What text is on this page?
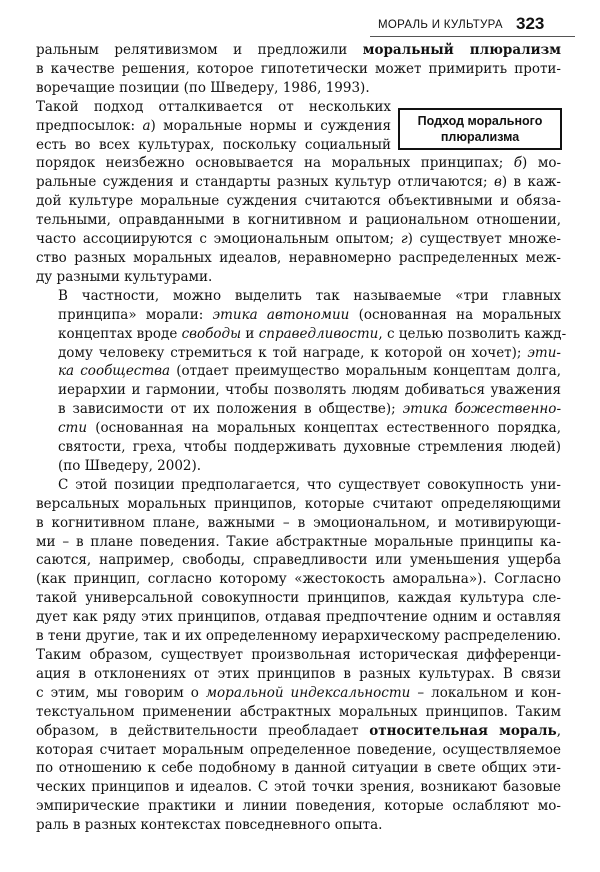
МОРАЛЬ И КУЛЬТУРА 323
Подход морального
плюрализма

ральным релятивизмом и предложили моральный плюрализм
в качестве решения, которое гипотетически может примирить проти-
воречащие позиции (по Шведеру, 1986, 1993).

Такой подход отталкивается от нескольких
предпосылок: а) моральные нормы и суждения
есть во всех культурах, поскольку социальный
порядок неизбежно основывается на моральных принципах; б) мо-
ральные суждения и стандарты разных культур отличаются; в) в каж-
дой культуре моральные суждения считаются объективными и обяза-
тельными, оправданными в когнитивном и рациональном отношении,
часто ассоциируются с эмоциональным опытом; г) существует множе-
ство разных моральных идеалов, неравномерно распределенных меж-
ду разными культурами.

В частности, можно выделить так называемые «три главных
принципа» морали: этика автономии (основанная на моральных
концептах вроде свободы и справедливости, с целью позволить кажд-
дому человеку стремиться к той награде, к которой он хочет); эти-
ка сообщества (отдает преимущество моральным концептам долга,
иерархии и гармонии, чтобы позволять людям добиваться уважения
в зависимости от их положения в обществе); этика божественно-
сти (основанная на моральных концептах естественного порядка,
святости, греха, чтобы поддерживать духовные стремления людей)
(по Шведеру, 2002).

С этой позиции предполагается, что существует совокупность уни-
версальных моральных принципов, которые считают определяющими
в когнитивном плане, важными – в эмоциональном, и мотивирующи-
ми – в плане поведения. Такие абстрактные моральные принципы ка-
саются, например, свободы, справедливости или уменьшения ущерба
(как принцип, согласно которому «жестокость аморальна»). Согласно
такой универсальной совокупности принципов, каждая культура сле-
дует как ряду этих принципов, отдавая предпочтение одним и оставляя
в тени другие, так и их определенному иерархическому распределению.
Таким образом, существует произвольная историческая дифференци-
ация в отклонениях от этих принципов в разных культурах. В связи
с этим, мы говорим о моральной индексальности – локальном и кон-
текстуальном применении абстрактных моральных принципов. Таким
образом, в действительности преобладает относительная мораль,
которая считает моральным определенное поведение, осуществляемое
по отношению к себе подобному в данной ситуации в свете общих эти-
ческих принципов и идеалов. С этой точки зрения, возникают базовые
эмпирические практики и линии поведения, которые ослабляют мо-
раль в разных контекстах повседневного опыта.
